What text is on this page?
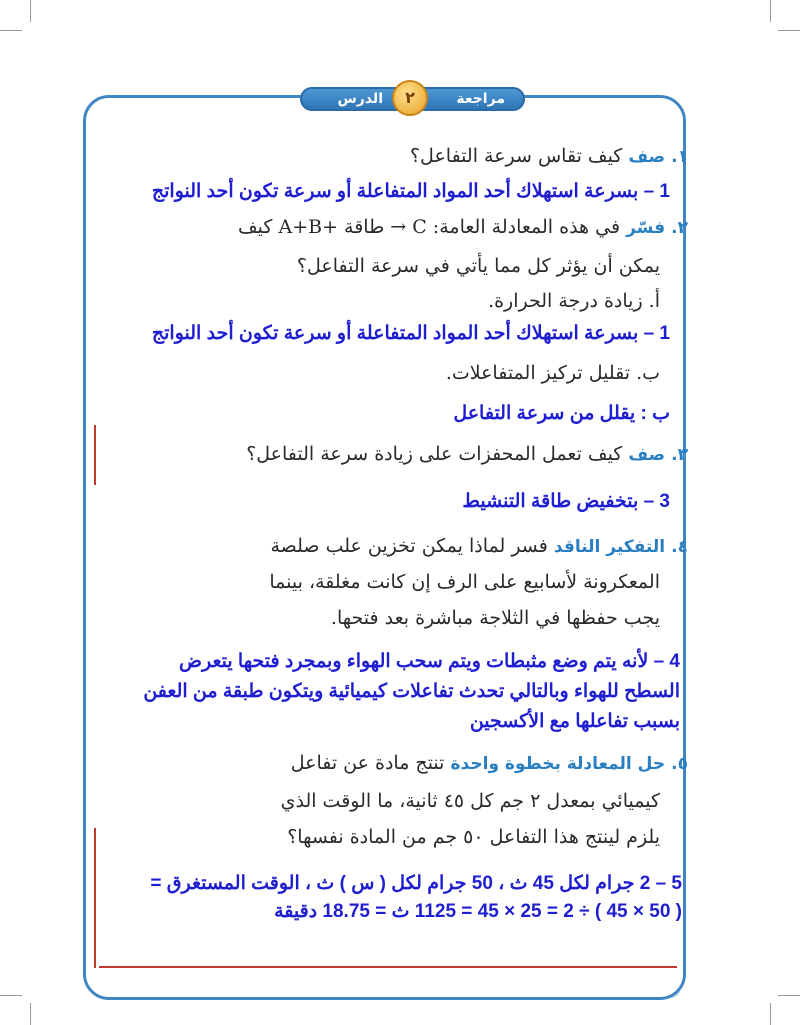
مراجعة
الدرس	٢
١. صف كيف تقاس سرعة التفاعل؟
1 – بسرعة استهلاك أحد المواد المتفاعلة أو سرعة تكون أحد النواتج
٢. فسّر في هذه المعادلة العامة: C → طاقة +A+B كيف
يمكن أن يؤثر كل مما يأتي في سرعة التفاعل؟
أ. زيادة درجة الحرارة.
1 – بسرعة استهلاك أحد المواد المتفاعلة أو سرعة تكون أحد النواتج
ب. تقليل تركيز المتفاعلات.
ب : يقلل من سرعة التفاعل
٣. صف كيف تعمل المحفزات على زيادة سرعة التفاعل؟
3 – بتخفيض طاقة التنشيط
٤. التفكير الناقد فسر لماذا يمكن تخزين علب صلصة
المعكرونة لأسابيع على الرف إن كانت مغلقة، بينما
يجب حفظها في الثلاجة مباشرة بعد فتحها.
4 – لأنه يتم وضع مثبطات ويتم سحب الهواء وبمجرد فتحها يتعرض
السطح للهواء وبالتالي تحدث تفاعلات كيميائية ويتكون طبقة من العفن
بسبب تفاعلها مع الأكسجين
٥. حل المعادلة بخطوة واحدة تنتج مادة عن تفاعل
كيميائي بمعدل ٢ جم كل ٤٥ ثانية، ما الوقت الذي
يلزم لينتج هذا التفاعل ٥٠ جم من المادة نفسها؟
5 – 2 جرام لكل 45 ث ، 50 جرام لكل ( س ) ث ، الوقت المستغرق =
( 50 × 45 ) ÷ 2 = 25 × 45 = 1125 ث = 18.75 دقيقة
